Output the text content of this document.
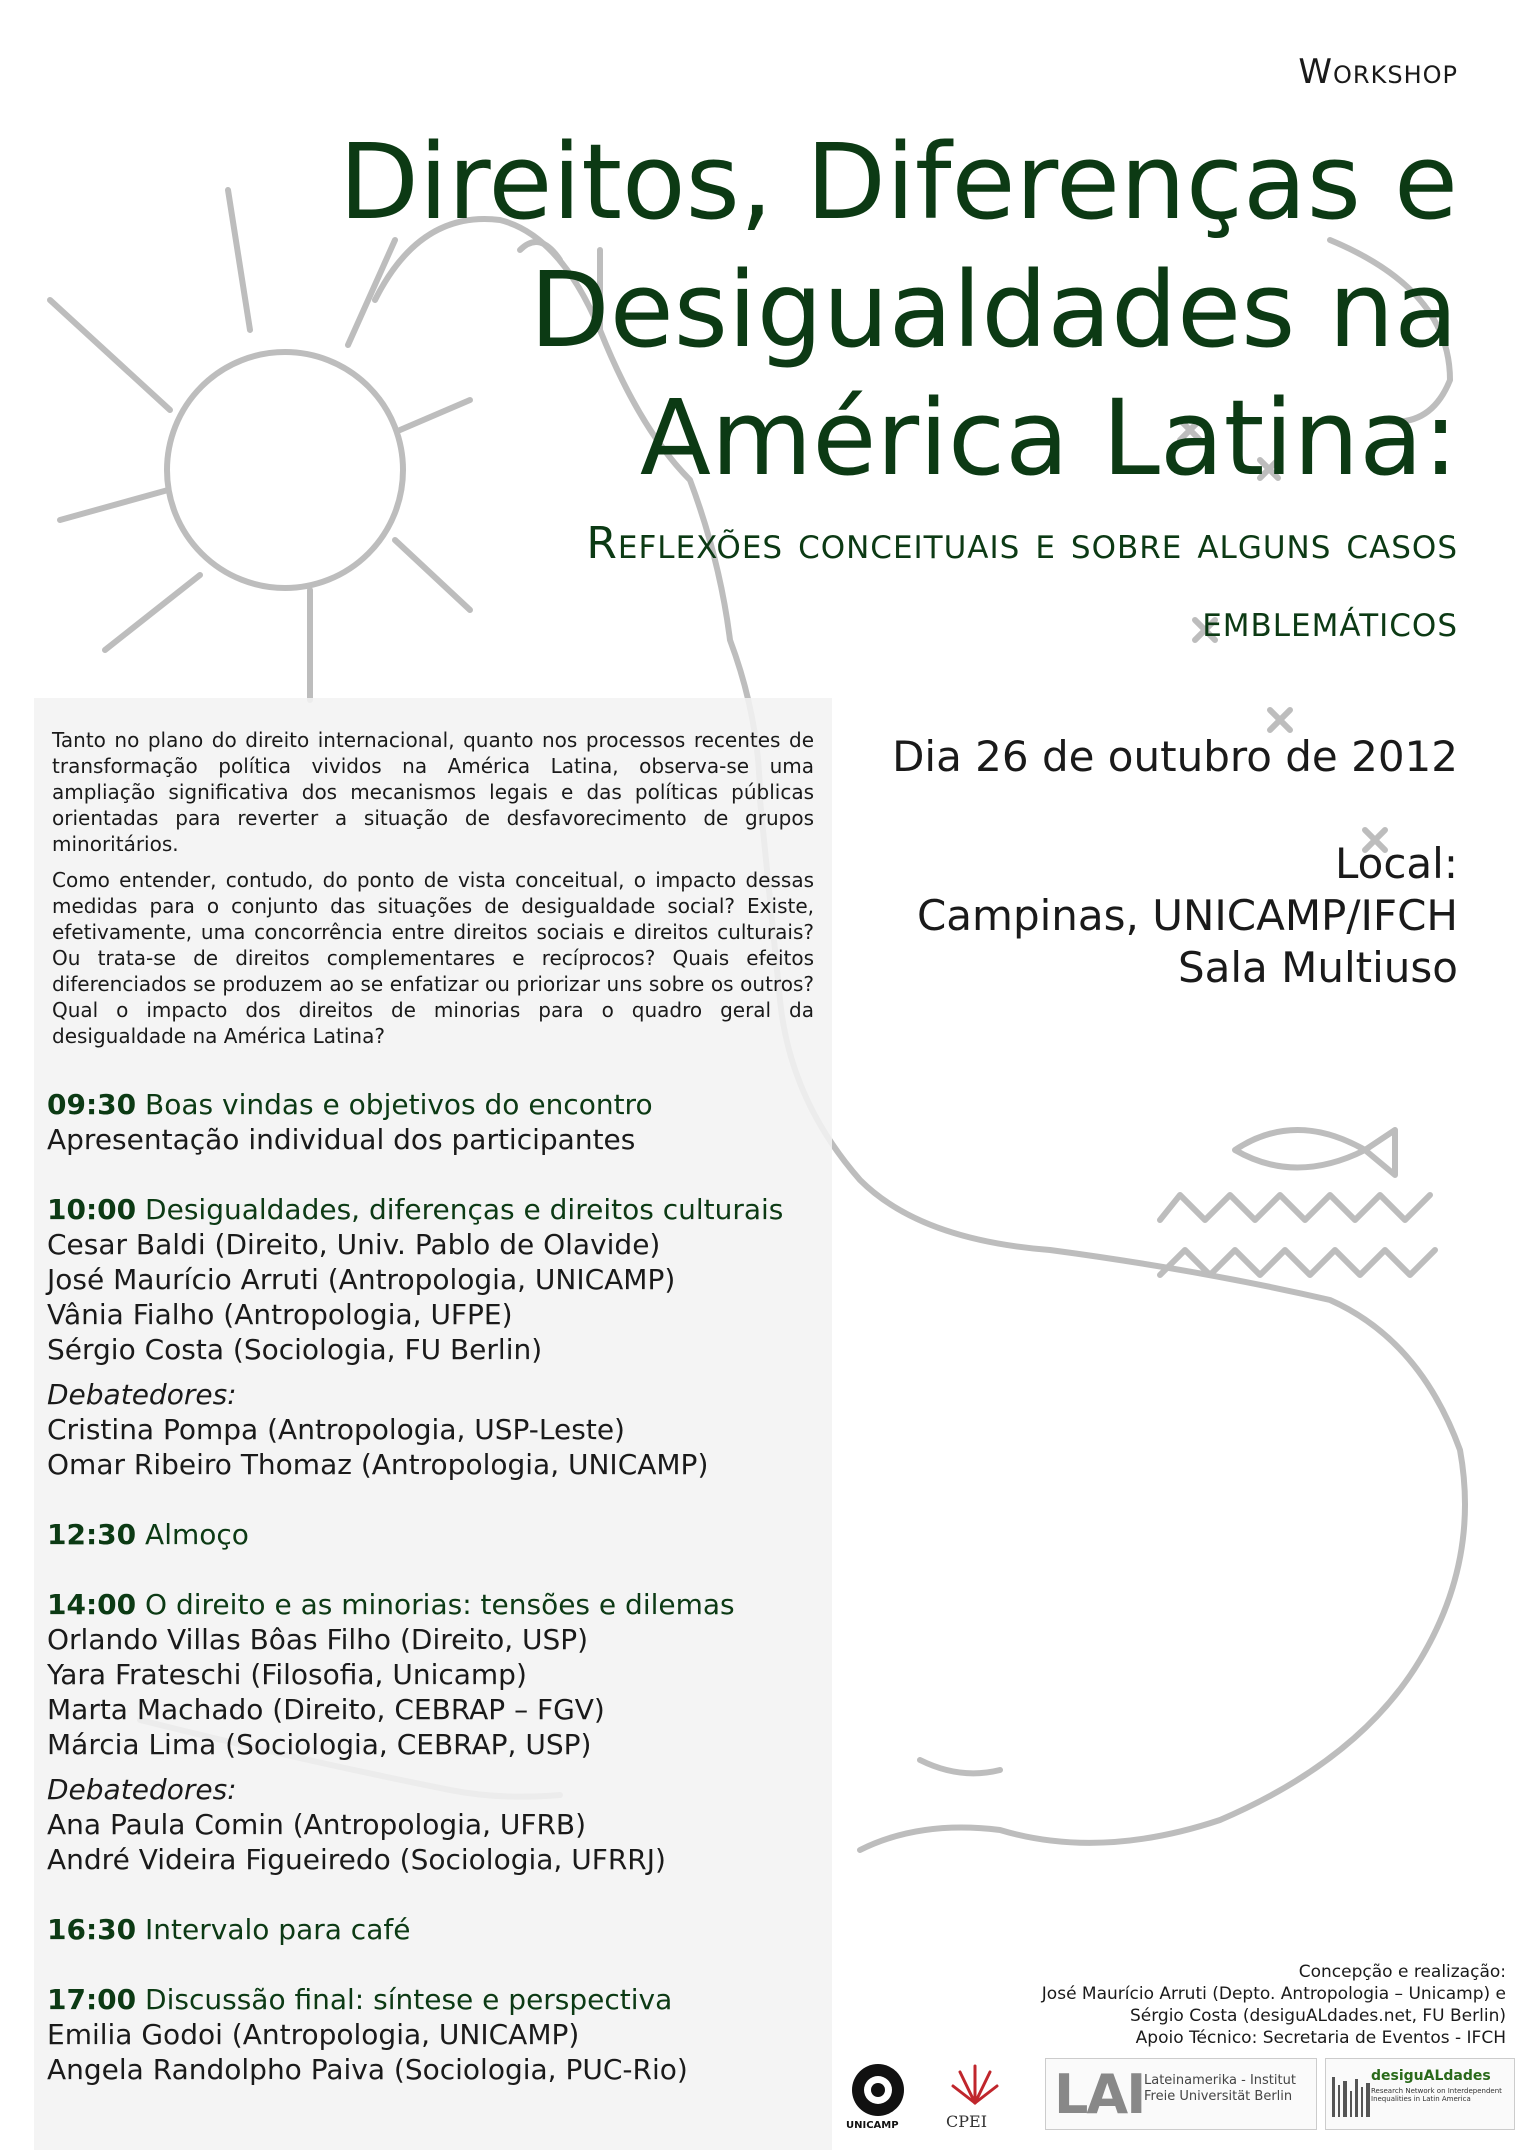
Workshop
Direitos, Diferenças e
Desigualdades na
América Latina:
Reflexões conceituais e sobre alguns casos
emblemáticos

Tanto no plano do direito internacional, quanto nos processos recentes de transformação política vividos na América Latina, observa-se uma ampliação significativa dos mecanismos legais e das políticas públicas orientadas para reverter a situação de desfavorecimento de grupos minoritários.

Como entender, contudo, do ponto de vista conceitual, o impacto dessas medidas para o conjunto das situações de desigualdade social? Existe, efetivamente, uma concorrência entre direitos sociais e direitos culturais? Ou trata-se de direitos complementares e recíprocos? Quais efeitos diferenciados se produzem ao se enfatizar ou priorizar uns sobre os outros? Qual o impacto dos direitos de minorias para o quadro geral da desigualdade na América Latina?

Dia 26 de outubro de 2012
Local:
Campinas, UNICAMP/IFCH
Sala Multiuso
09:30 Boas vindas e objetivos do encontro
Apresentação individual dos participantes
10:00 Desigualdades, diferenças e direitos culturais
Cesar Baldi (Direito, Univ. Pablo de Olavide)
José Maurício Arruti (Antropologia, UNICAMP)
Vânia Fialho (Antropologia, UFPE)
Sérgio Costa (Sociologia, FU Berlin)
Debatedores:
Cristina Pompa (Antropologia, USP-Leste)
Omar Ribeiro Thomaz (Antropologia, UNICAMP)
12:30 Almoço
14:00 O direito e as minorias: tensões e dilemas
Orlando Villas Bôas Filho (Direito, USP)
Yara Frateschi (Filosofia, Unicamp)
Marta Machado (Direito, CEBRAP – FGV)
Márcia Lima (Sociologia, CEBRAP, USP)
Debatedores:
Ana Paula Comin (Antropologia, UFRB)
André Videira Figueiredo (Sociologia, UFRRJ)
16:30 Intervalo para café
17:00 Discussão final: síntese e perspectiva
Emilia Godoi (Antropologia, UNICAMP)
Angela Randolpho Paiva (Sociologia, PUC-Rio)
Concepção e realização:
José Maurício Arruti (Depto. Antropologia – Unicamp) e
Sérgio Costa (desiguALdades.net, FU Berlin)
Apoio Técnico: Secretaria de Eventos - IFCH
UNICAMP	CPEI LAI Lateinamerika - Institut
Freie Universität Berlin
desiguALdades
Research Network on Interdependent Inequalities in Latin America
